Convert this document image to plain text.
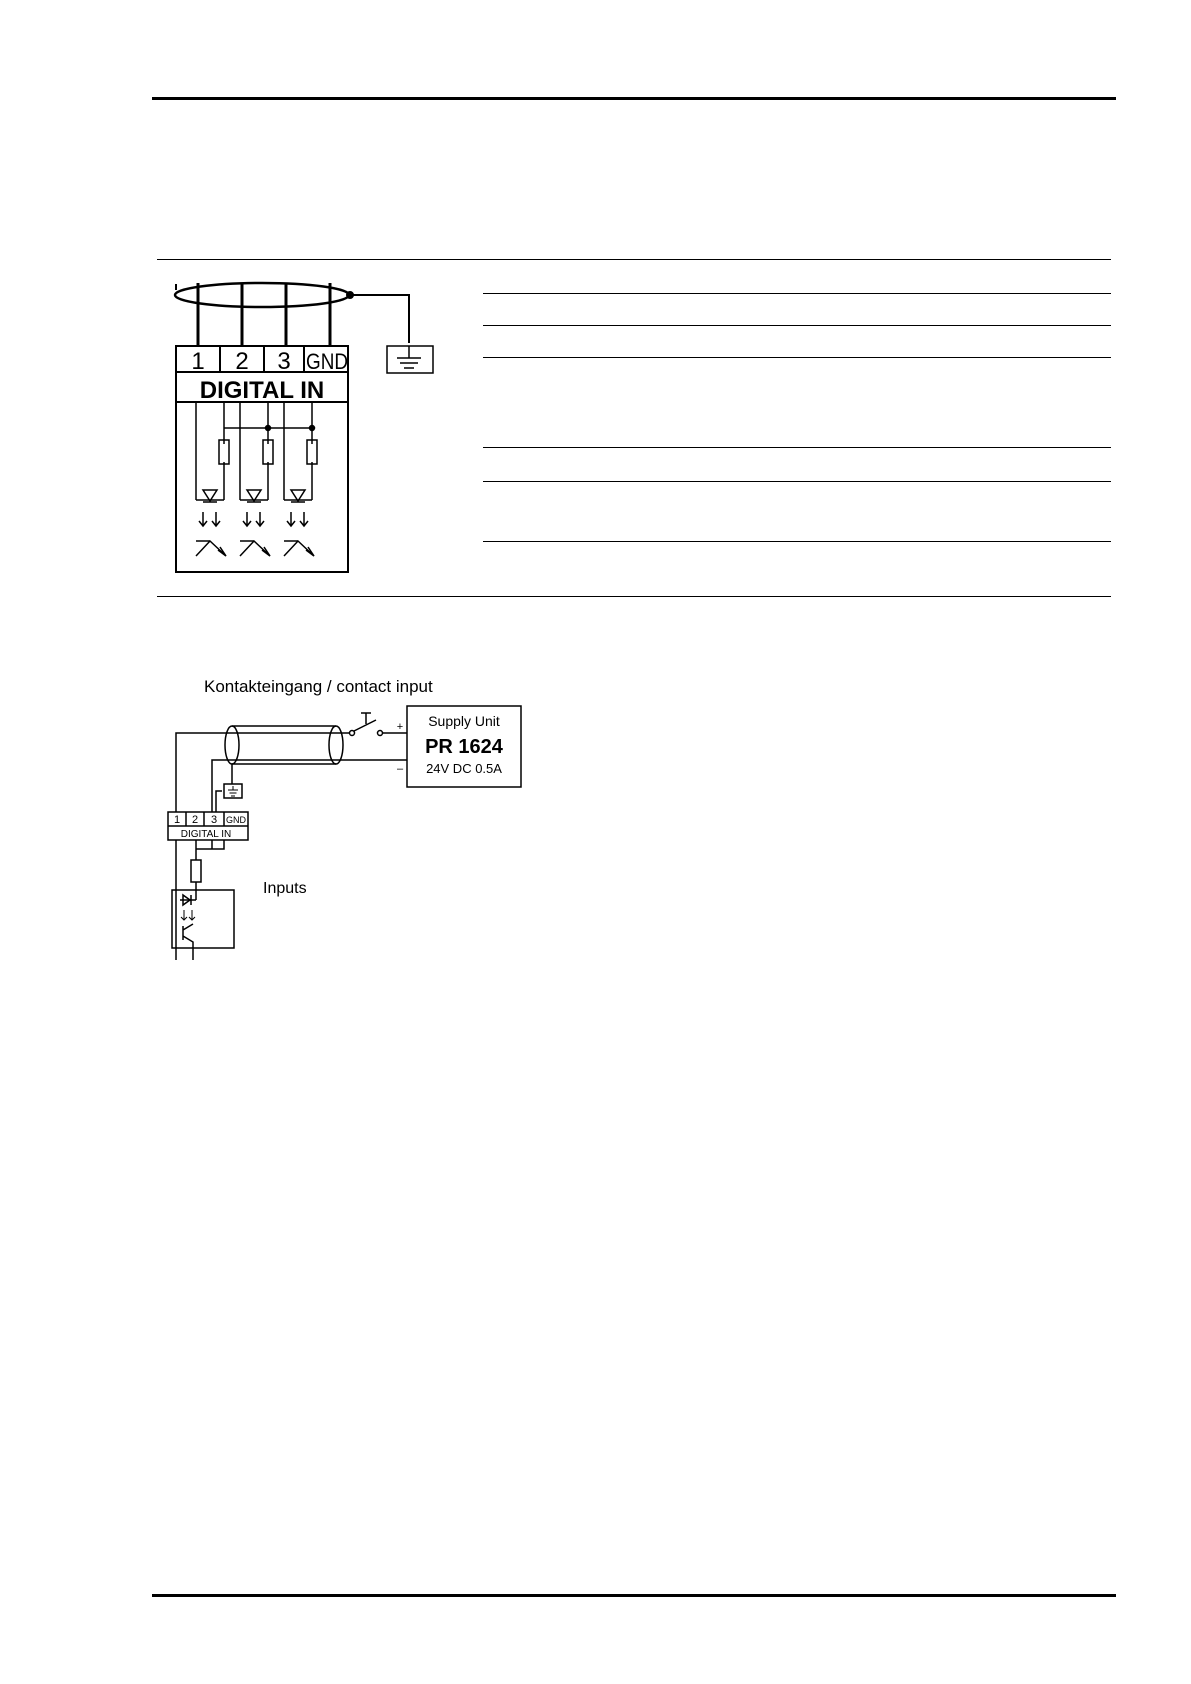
1 2 3 GND
DIGITAL IN
Kontakteingang / contact input
+
–
Supply Unit
PR 1624
24V DC 0.5A
1 2 3 GND
DIGITAL IN
Inputs
